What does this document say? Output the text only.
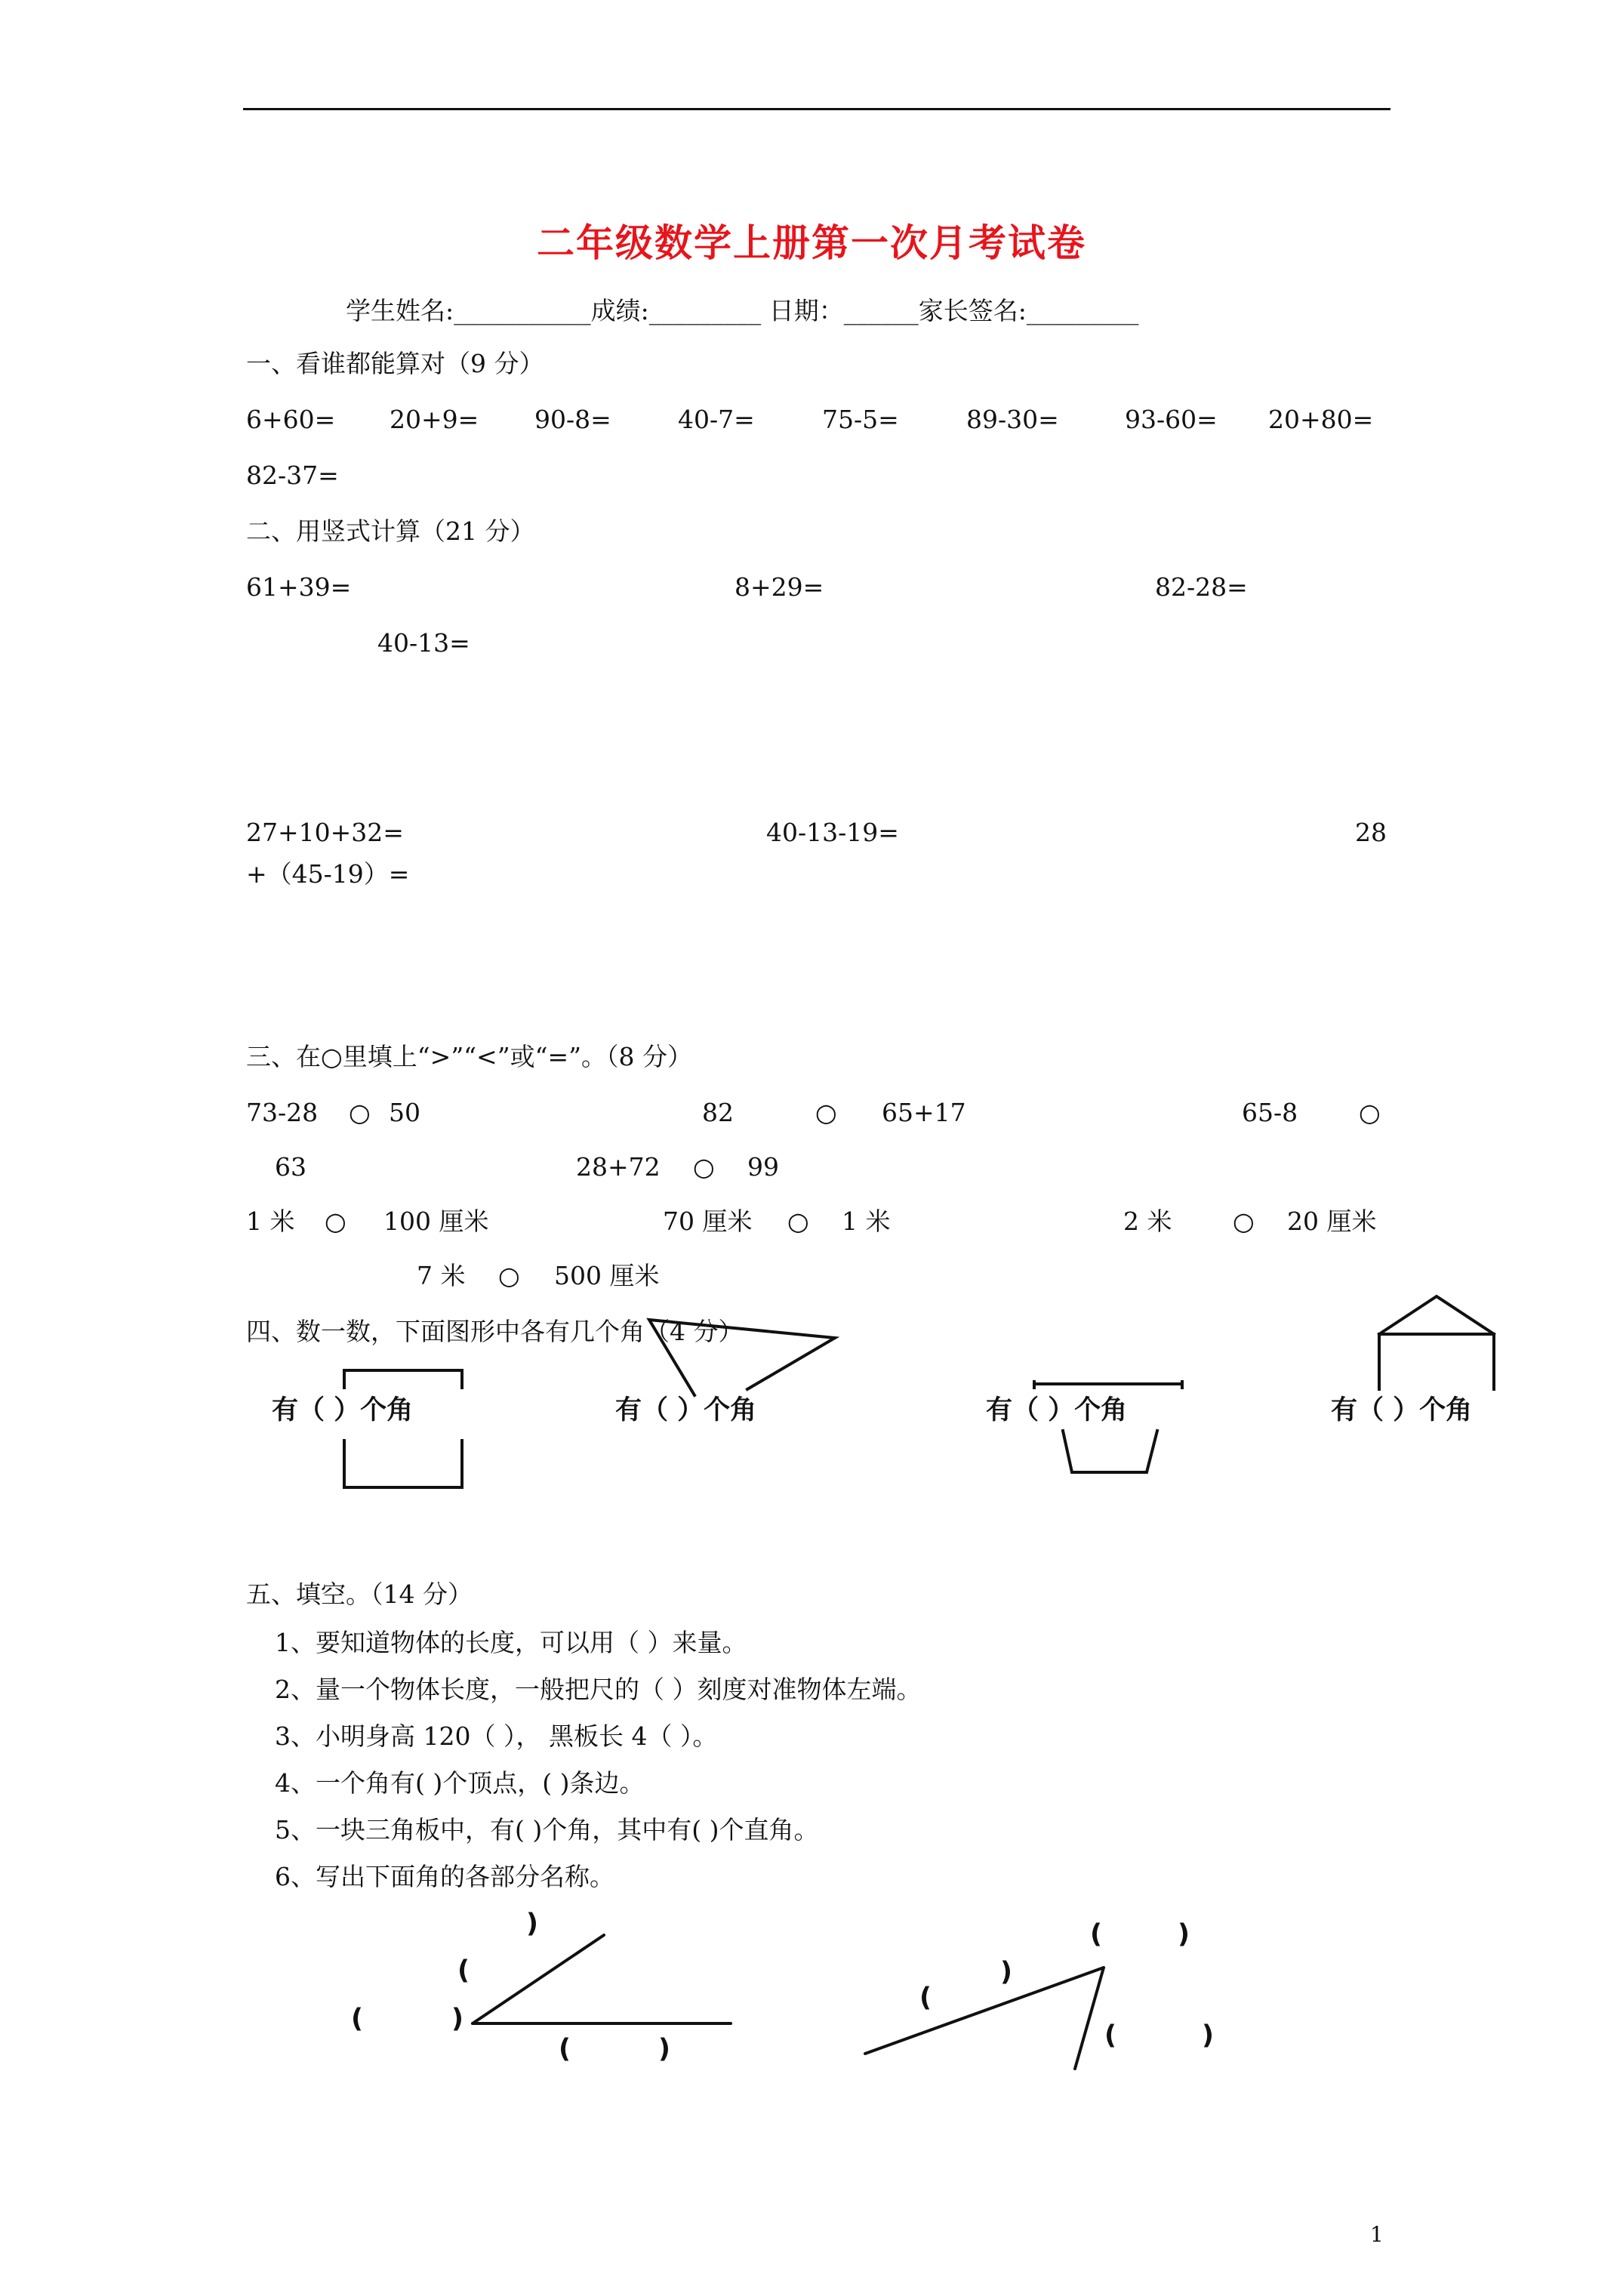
二年级数学上册第一次月考试卷
学生姓名:___________成绩:_________ 日期：______家长签名:_________
一、看谁都能算对（9 分）
6+60= 20+9= 90-8=	40-7=	75-5=	89-30=	93-60= 20+80=
82-37=
二、用竖式计算（21 分）
61+39=	8+29=	82-28=
40-13=
27+10+32=	40-13-19=	28
+（45-19）=
三、在○里填上“>”“<”或“=”。（8 分）
73-28 ○ 50	82	○ 65+17	65-8 ○
63	28+72 ○ 99
1 米 ○ 100 厘米	70 厘米 ○ 1 米	2 米 ○ 20 厘米
7 米 ○ 500 厘米
四、数一数，下面图形中各有几个角（4 分）
有（ ）个角	有（ ）个角	有（ ）个角	有（ ）个角
五、填空。（14 分）
1、要知道物体的长度，可以用（ ）来量。
2、量一个物体长度，一般把尺的（ ）刻度对准物体左端。
3、小明身高 120（ ）， 黑板长 4（ ）。
4、一个角有( )个顶点，( )条边。
5、一块三角板中，有( )个角，其中有( )个直角。
6、写出下面角的各部分名称。
(	)
(
)
(	)
(	)
)
(
(	)
1
